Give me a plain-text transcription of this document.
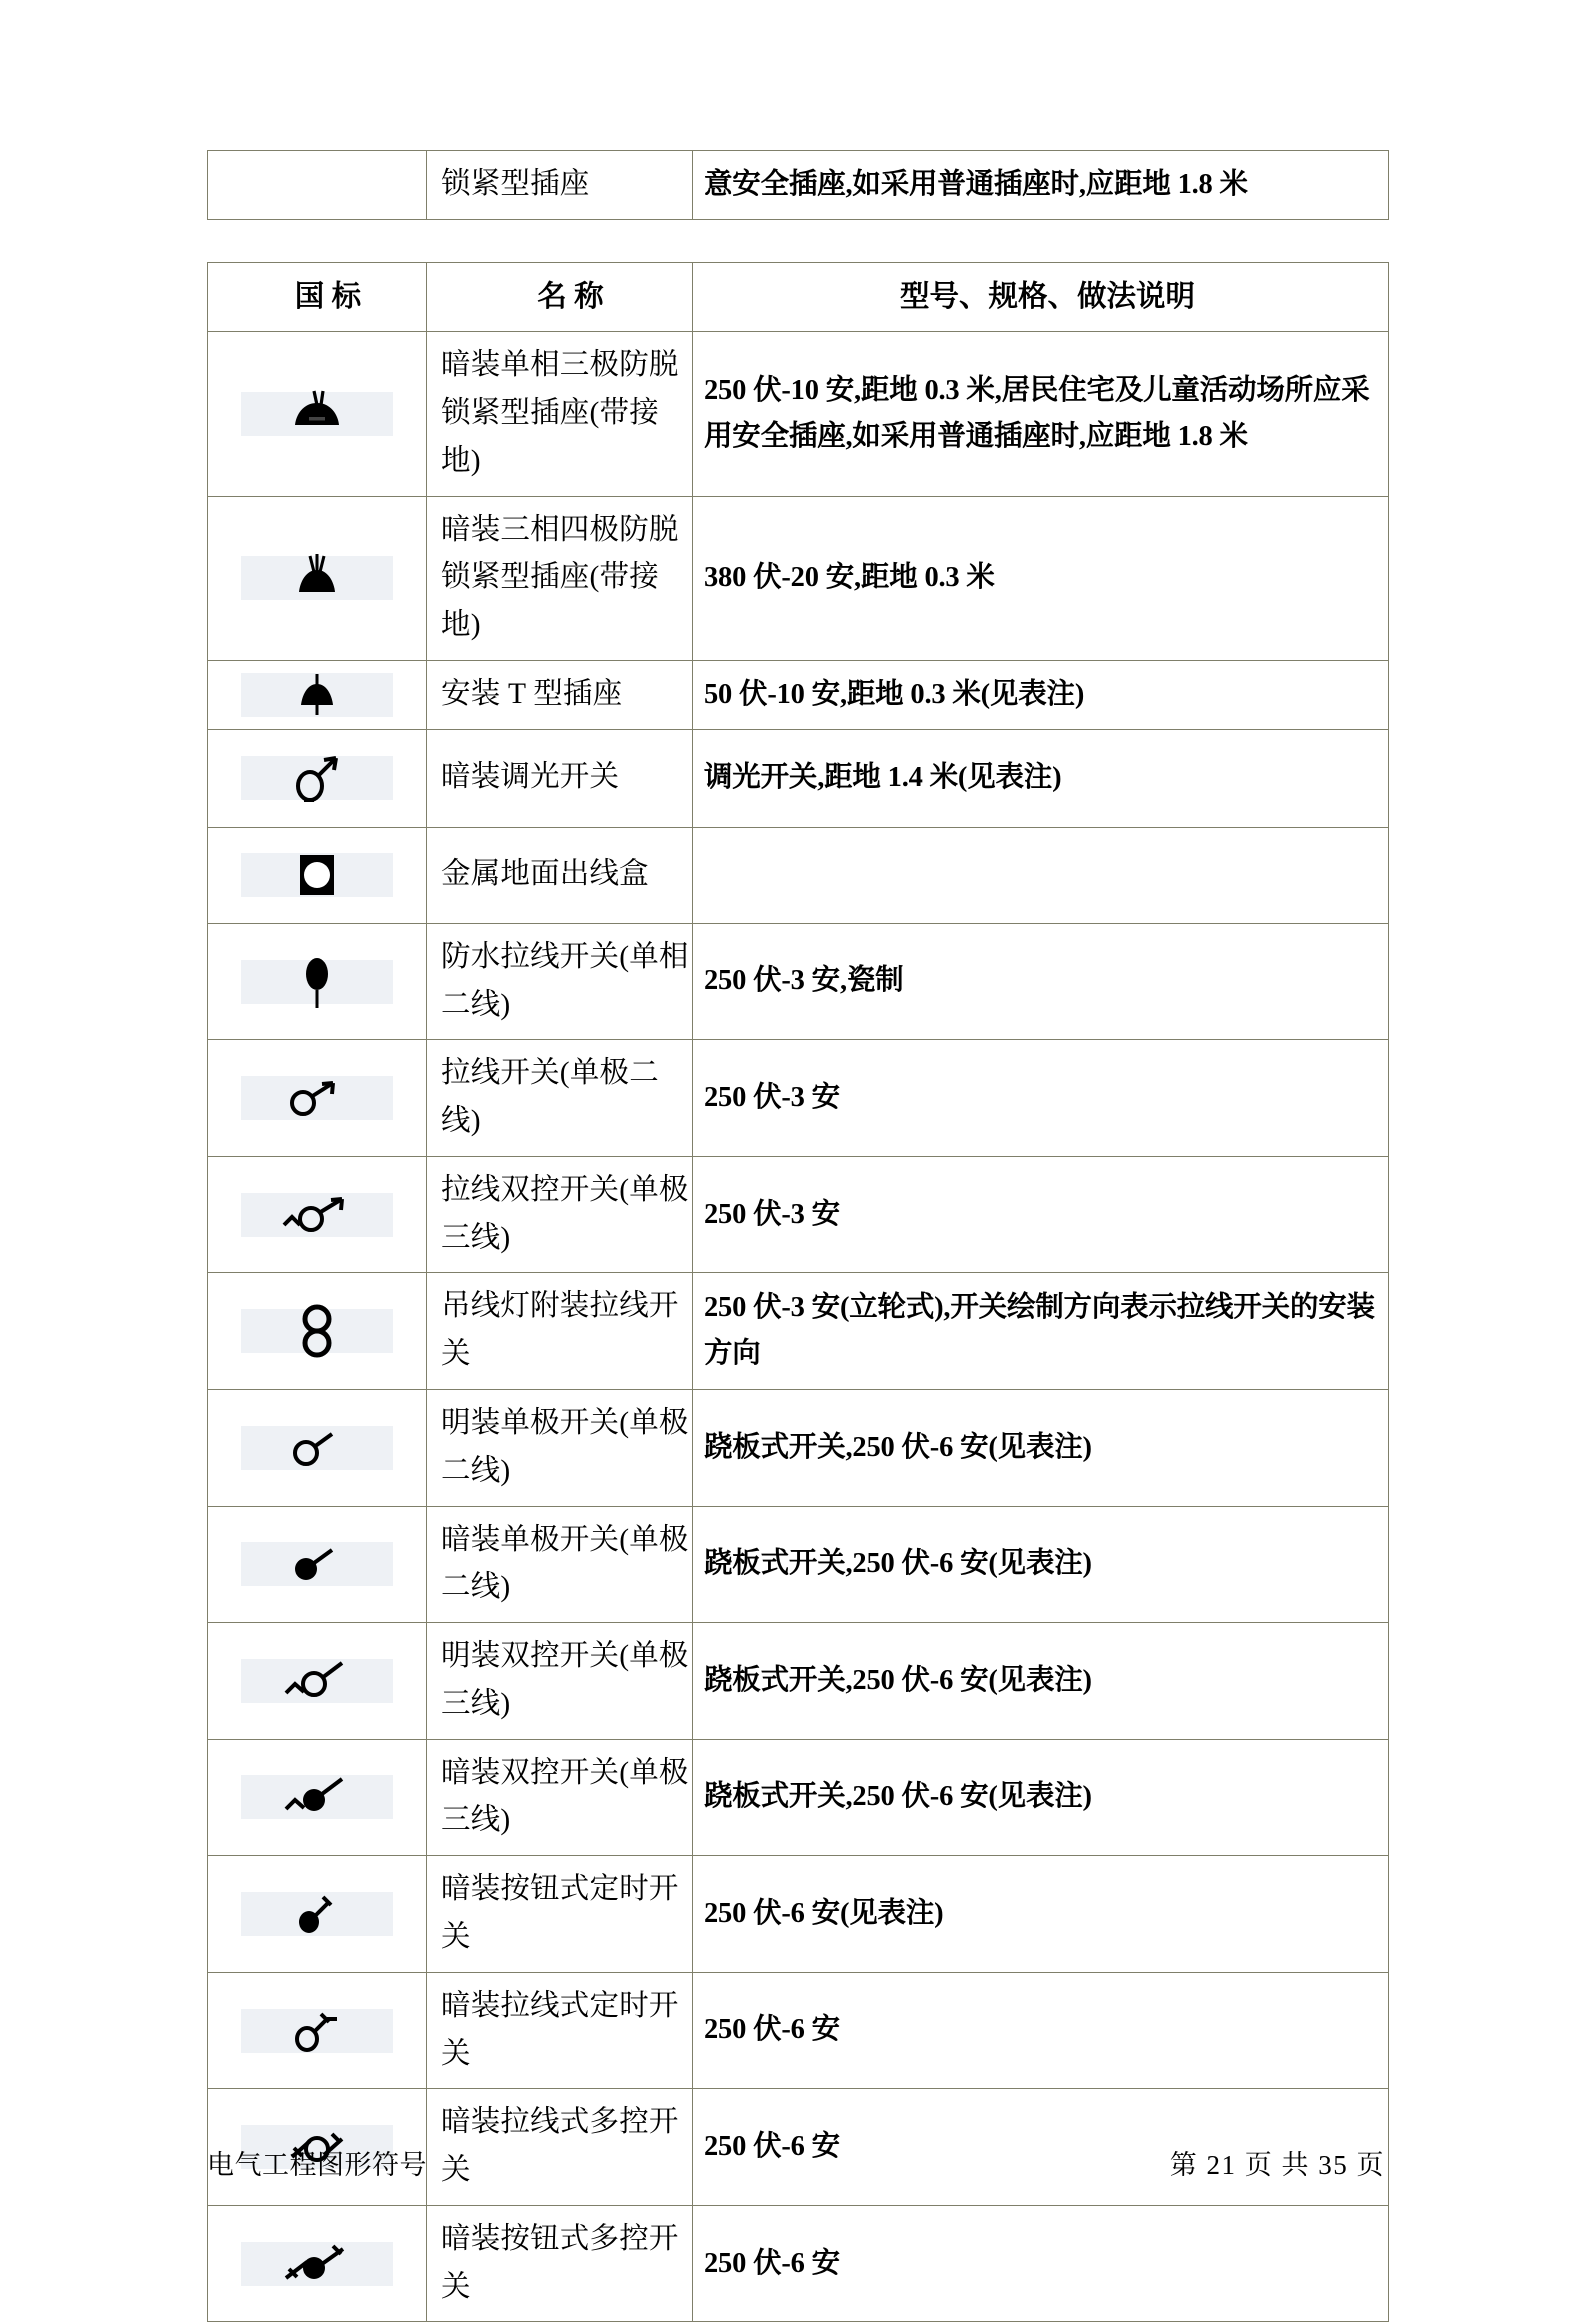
锁紧型插座	意安全插座,如采用普通插座时,应距地 1.8 米
国 标	名 称	型号、规格、做法说明

暗装单相三极防脱
锁紧型插座(带接地)	250 伏-10 安,距地 0.3 米,居民住宅及儿童活动场所应采
用安全插座,如采用普通插座时,应距地 1.8 米

暗装三相四极防脱
锁紧型插座(带接地)	380 伏-20 安,距地 0.3 米

安装 T 型插座	50 伏-10 安,距地 0.3 米(见表注)

暗装调光开关	调光开关,距地 1.4 米(见表注)

金属地面出线盒	

防水拉线开关(单相
二线)	250 伏-3 安,瓷制

拉线开关(单极二线)	250 伏-3 安

拉线双控开关(单极
三线)	250 伏-3 安

吊线灯附装拉线开
关	250 伏-3 安(立轮式),开关绘制方向表示拉线开关的安装
方向

明装单极开关(单极
二线)	跷板式开关,250 伏-6 安(见表注)

暗装单极开关(单极
二线)	跷板式开关,250 伏-6 安(见表注)

明装双控开关(单极
三线)	跷板式开关,250 伏-6 安(见表注)

暗装双控开关(单极
三线)	跷板式开关,250 伏-6 安(见表注)

暗装按钮式定时开
关	250 伏-6 安(见表注)

暗装拉线式定时开
关	250 伏-6 安

暗装拉线式多控开
关	250 伏-6 安

暗装按钮式多控开
关	250 伏-6 安
电气工程图形符号	第 21 页 共 35 页
